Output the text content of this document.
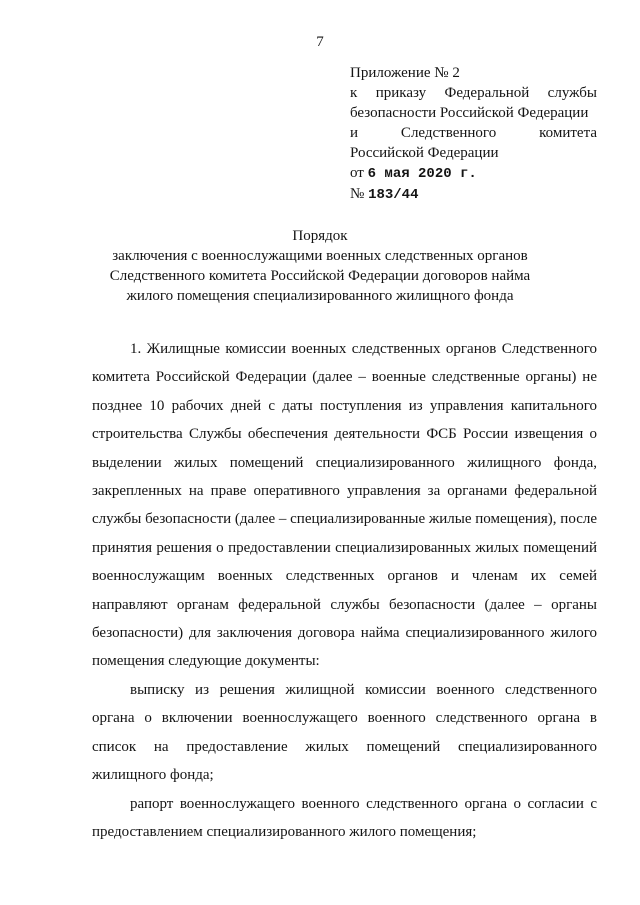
7
Приложение № 2
к приказу Федеральной службы
безопасности Российской Федерации
и Следственного комитета
Российской Федерации
от 6 мая 2020 г.
№ 183/44
Порядок
заключения с военнослужащими военных следственных органов
Следственного комитета Российской Федерации договоров найма
жилого помещения специализированного жилищного фонда

1. Жилищные комиссии военных следственных органов Следственного комитета Российской Федерации (далее – военные следственные органы) не позднее 10 рабочих дней с даты поступления из управления капитального строительства Службы обеспечения деятельности ФСБ России извещения о выделении жилых помещений специализированного жилищного фонда, закрепленных на праве оперативного управления за органами федеральной службы безопасности (далее – специализированные жилые помещения), после принятия решения о предоставлении специализированных жилых помещений военнослужащим военных следственных органов и членам их семей направляют органам федеральной службы безопасности (далее – органы безопасности) для заключения договора найма специализированного жилого помещения следующие документы:

выписку из решения жилищной комиссии военного следственного органа о включении военнослужащего военного следственного органа в список на предоставление жилых помещений специализированного жилищного фонда;

рапорт военнослужащего военного следственного органа о согласии с предоставлением специализированного жилого помещения;
